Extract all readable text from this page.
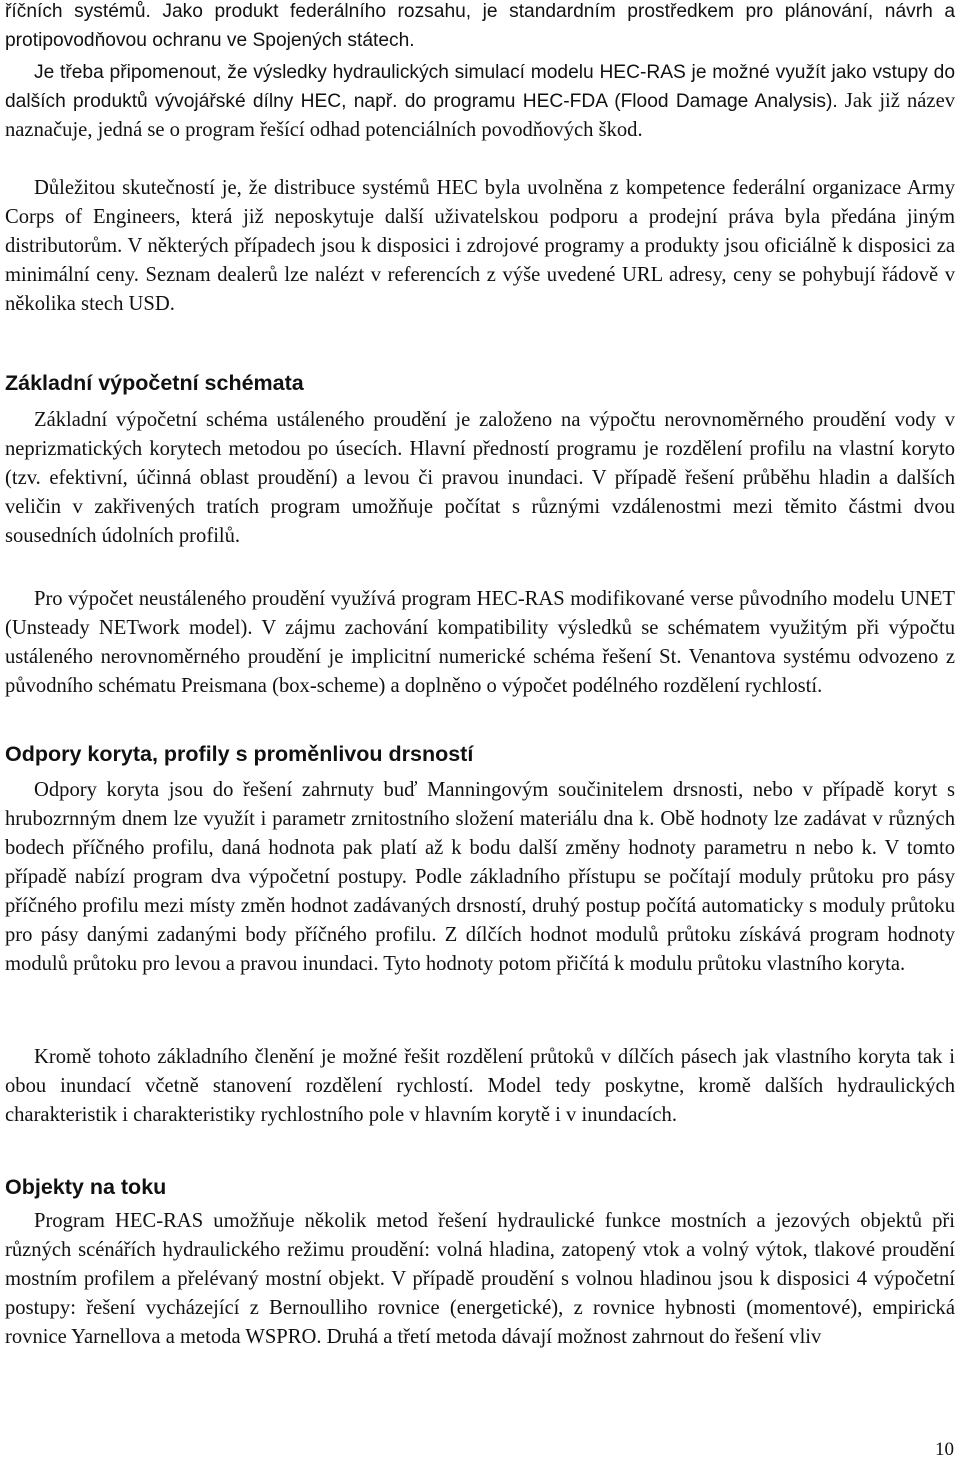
říčních systémů. Jako produkt federálního rozsahu, je standardním prostředkem pro plánování, návrh a protipovodňovou ochranu ve Spojených státech.

Je třeba připomenout, že výsledky hydraulických simulací modelu HEC-RAS je možné využít jako vstupy do dalších produktů vývojářské dílny HEC, např. do programu HEC-FDA (Flood Damage Analysis). Jak již název naznačuje, jedná se o program řešící odhad potenciálních povodňových škod.

Důležitou skutečností je, že distribuce systémů HEC byla uvolněna z kompetence federální organizace Army Corps of Engineers, která již neposkytuje další uživatelskou podporu a prodejní práva byla předána jiným distributorům. V některých případech jsou k disposici i zdrojové programy a produkty jsou oficiálně k disposici za minimální ceny. Seznam dealerů lze nalézt v referencích z výše uvedené URL adresy, ceny se pohybují řádově v několika stech USD.

Základní výpočetní schémata

Základní výpočetní schéma ustáleného proudění je založeno na výpočtu nerovnoměrného proudění vody v neprizmatických korytech metodou po úsecích. Hlavní předností programu je rozdělení profilu na vlastní koryto (tzv. efektivní, účinná oblast proudění) a levou či pravou inundaci. V případě řešení průběhu hladin a dalších veličin v zakřivených tratích program umožňuje počítat s různými vzdálenostmi mezi těmito částmi dvou sousedních údolních profilů.

Pro výpočet neustáleného proudění využívá program HEC-RAS modifikované verse původního modelu UNET (Unsteady NETwork model). V zájmu zachování kompatibility výsledků se schématem využitým při výpočtu ustáleného nerovnoměrného proudění je implicitní numerické schéma řešení St. Venantova systému odvozeno z původního schématu Preismana (box-scheme) a doplněno o výpočet podélného rozdělení rychlostí.

Odpory koryta, profily s proměnlivou drsností

Odpory koryta jsou do řešení zahrnuty buď Manningovým součinitelem drsnosti, nebo v případě koryt s hrubozrnným dnem lze využít i parametr zrnitostního složení materiálu dna k. Obě hodnoty lze zadávat v různých bodech příčného profilu, daná hodnota pak platí až k bodu další změny hodnoty parametru n nebo k. V tomto případě nabízí program dva výpočetní postupy. Podle základního přístupu se počítají moduly průtoku pro pásy příčného profilu mezi místy změn hodnot zadávaných drsností, druhý postup počítá automaticky s moduly průtoku pro pásy danými zadanými body příčného profilu. Z dílčích hodnot modulů průtoku získává program hodnoty modulů průtoku pro levou a pravou inundaci. Tyto hodnoty potom přičítá k modulu průtoku vlastního koryta.

Kromě tohoto základního členění je možné řešit rozdělení průtoků v dílčích pásech jak vlastního koryta tak i obou inundací včetně stanovení rozdělení rychlostí. Model tedy poskytne, kromě dalších hydraulických charakteristik i charakteristiky rychlostního pole v hlavním korytě i v inundacích.

Objekty na toku

Program HEC-RAS umožňuje několik metod řešení hydraulické funkce mostních a jezových objektů při různých scénářích hydraulického režimu proudění: volná hladina, zatopený vtok a volný výtok, tlakové proudění mostním profilem a přelévaný mostní objekt. V případě proudění s volnou hladinou jsou k disposici 4 výpočetní postupy: řešení vycházející z Bernoulliho rovnice (energetické), z rovnice hybnosti (momentové), empirická rovnice Yarnellova a metoda WSPRO. Druhá a třetí metoda dávají možnost zahrnout do řešení vliv

10
